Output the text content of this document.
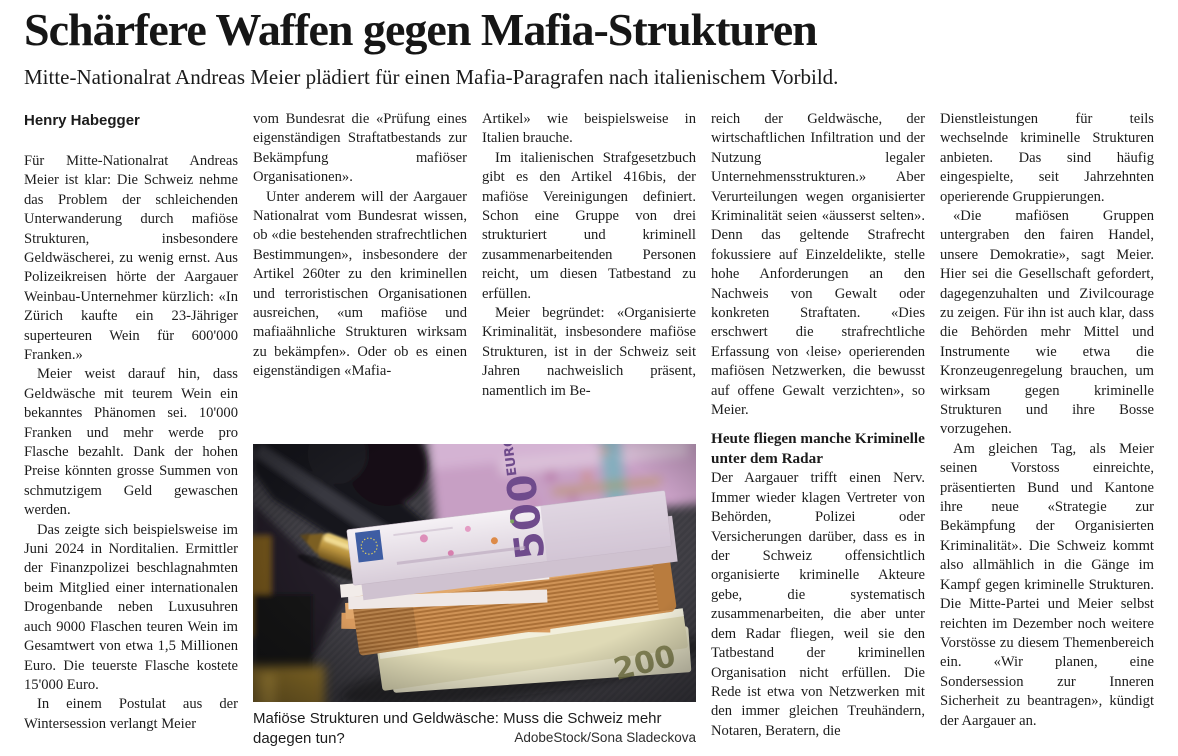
Schärfere Waffen gegen Mafia-Strukturen
Mitte-Nationalrat Andreas Meier plädiert für einen Mafia-Paragrafen nach italienischem Vorbild.
Henry Habegger

Für Mitte-Nationalrat Andreas Meier ist klar: Die Schweiz nehme das Problem der schleichenden Unterwanderung durch mafiöse Strukturen, insbesondere Geldwäscherei, zu wenig ernst. Aus Polizeikreisen hörte der Aargauer Weinbau-Unternehmer kürzlich: «In Zürich kaufte ein 23-Jähriger superteuren Wein für 600'000 Franken.»

Meier weist darauf hin, dass Geldwäsche mit teurem Wein ein bekanntes Phänomen sei. 10'000 Franken und mehr werde pro Flasche bezahlt. Dank der hohen Preise könnten grosse Summen von schmutzigem Geld gewaschen werden.

Das zeigte sich beispielsweise im Juni 2024 in Norditalien. Ermittler der Finanzpolizei beschlagnahmten beim Mitglied einer internationalen Drogenbande neben Luxusuhren auch 9000 Flaschen teuren Wein im Gesamtwert von etwa 1,5 Millionen Euro. Die teuerste Flasche kostete 15'000 Euro.

In einem Postulat aus der Wintersession verlangt Meier

vom Bundesrat die «Prüfung eines eigenständigen Straftatbestands zur Bekämpfung mafiöser Organisationen».

Unter anderem will der Aargauer Nationalrat vom Bundesrat wissen, ob «die bestehenden strafrechtlichen Bestimmungen», insbesondere der Artikel 260ter zu den kriminellen und terroristischen Organisationen ausreichen, «um mafiöse und mafiaähnliche Strukturen wirksam zu bekämpfen». Oder ob es einen eigenständigen «Mafia-

Artikel» wie beispielsweise in Italien brauche.

Im italienischen Strafgesetzbuch gibt es den Artikel 416bis, der mafiöse Vereinigungen definiert. Schon eine Gruppe von drei strukturiert und kriminell zusammenarbeitenden Personen reicht, um diesen Tatbestand zu erfüllen.

Meier begründet: «Organisierte Kriminalität, insbesondere mafiöse Strukturen, ist in der Schweiz seit Jahren nachweislich präsent, namentlich im Be-

Mafiöse Strukturen und Geldwäsche: Muss die Schweiz mehr dagegen tun?	AdobeStock/Sona Sladeckova

reich der Geldwäsche, der wirtschaftlichen Infiltration und der Nutzung legaler Unternehmensstrukturen.» Aber Verurteilungen wegen organisierter Kriminalität seien «äusserst selten». Denn das geltende Strafrecht fokussiere auf Einzeldelikte, stelle hohe Anforderungen an den Nachweis von Gewalt oder konkreten Straftaten. «Dies erschwert die strafrechtliche Erfassung von ‹leise› operierenden mafiösen Netzwerken, die bewusst auf offene Gewalt verzichten», so Meier.

Heute fliegen manche Kriminelle unter dem Radar

Der Aargauer trifft einen Nerv. Immer wieder klagen Vertreter von Behörden, Polizei oder Versicherungen darüber, dass es in der Schweiz offensichtlich organisierte kriminelle Akteure gebe, die systematisch zusammenarbeiten, die aber unter dem Radar fliegen, weil sie den Tatbestand der kriminellen Organisation nicht erfüllen. Die Rede ist etwa von Netzwerken mit den immer gleichen Treuhändern, Notaren, Beratern, die

Dienstleistungen für teils wechselnde kriminelle Strukturen anbieten. Das sind häufig eingespielte, seit Jahrzehnten operierende Gruppierungen.

«Die mafiösen Gruppen untergraben den fairen Handel, unsere Demokratie», sagt Meier. Hier sei die Gesellschaft gefordert, dagegenzuhalten und Zivilcourage zu zeigen. Für ihn ist auch klar, dass die Behörden mehr Mittel und Instrumente wie etwa die Kronzeugenregelung brauchen, um wirksam gegen kriminelle Strukturen und ihre Bosse vorzugehen.

Am gleichen Tag, als Meier seinen Vorstoss einreichte, präsentierten Bund und Kantone ihre neue «Strategie zur Bekämpfung der Organisierten Kriminalität». Die Schweiz kommt also allmählich in die Gänge im Kampf gegen kriminelle Strukturen. Die Mitte-Partei und Meier selbst reichten im Dezember noch weitere Vorstösse zu diesem Themenbereich ein. «Wir planen, eine Sondersession zur Inneren Sicherheit zu beantragen», kündigt der Aargauer an.
